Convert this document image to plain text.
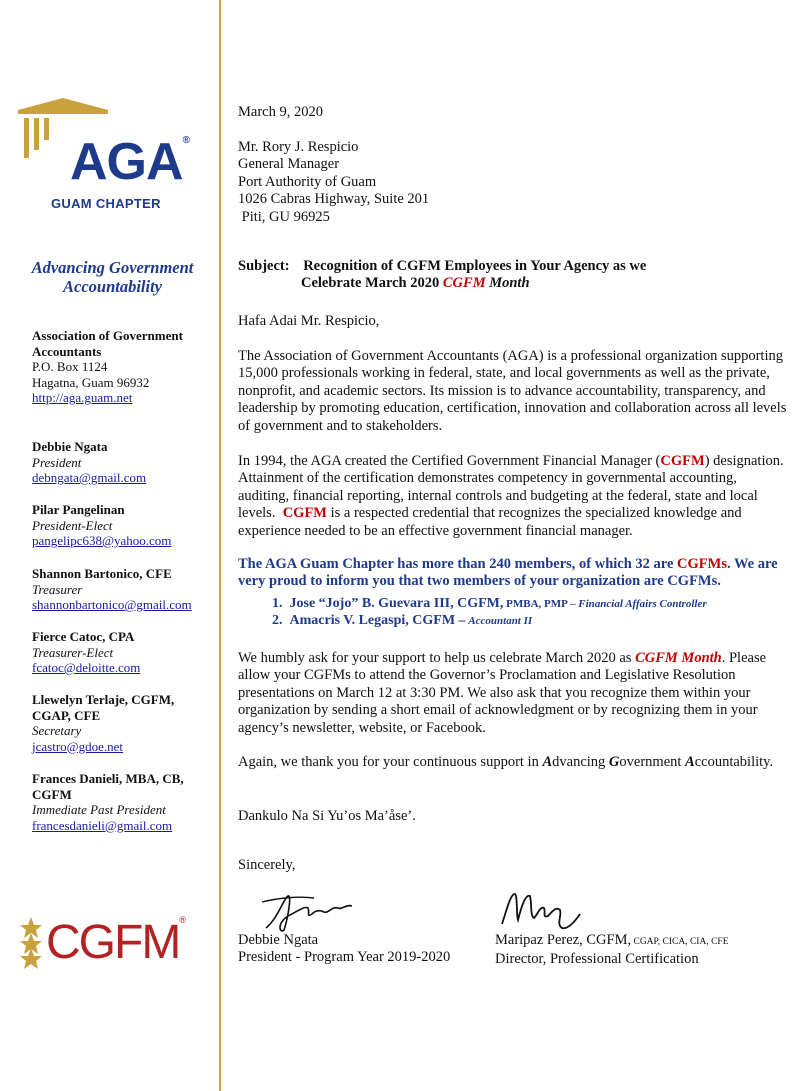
AGA®
GUAM CHAPTER
Advancing Government Accountability
Association of Government Accountants
P.O. Box 1124
Hagatna, Guam 96932
http://aga.guam.net
Debbie Ngata
President
debngata@gmail.com
Pilar Pangelinan
President-Elect
pangelipc638@yahoo.com
Shannon Bartonico, CFE
Treasurer
shannonbartonico@gmail.com
Fierce Catoc, CPA
Treasurer-Elect
fcatoc@deloitte.com
Llewelyn Terlaje, CGFM, CGAP, CFE
Secretary
jcastro@gdoe.net
Frances Danieli, MBA, CB, CGFM
Immediate Past President
francesdanieli@gmail.com
CGFM®
March 9, 2020
Mr. Rory J. Respicio
General Manager
Port Authority of Guam
1026 Cabras Highway, Suite 201
Piti, GU 96925
Subject: Recognition of CGFM Employees in Your Agency as we
Celebrate March 2020 CGFM Month
Hafa Adai Mr. Respicio,
The Association of Government Accountants (AGA) is a professional organization supporting 15,000 professionals working in federal, state, and local governments as well as the private, nonprofit, and academic sectors. Its mission is to advance accountability, transparency, and leadership by promoting education, certification, innovation and collaboration across all levels of government and to stakeholders.
In 1994, the AGA created the Certified Government Financial Manager (CGFM) designation.  Attainment of the certification demonstrates competency in governmental accounting, auditing, financial reporting, internal controls and budgeting at the federal, state and local levels.  CGFM is a respected credential that recognizes the specialized knowledge and experience needed to be an effective government financial manager.
The AGA Guam Chapter has more than 240 members, of which 32 are CGFMs. We are very proud to inform you that two members of your organization are CGFMs.
1. Jose “Jojo” B. Guevara III, CGFM, PMBA, PMP – Financial Affairs Controller
2. Amacris V. Legaspi, CGFM – Accountant II
We humbly ask for your support to help us celebrate March 2020 as CGFM Month. Please allow your CGFMs to attend the Governor’s Proclamation and Legislative Resolution presentations on March 12 at 3:30 PM. We also ask that you recognize them within your organization by sending a short email of acknowledgment or by recognizing them in your agency’s newsletter, website, or Facebook.
Again, we thank you for your continuous support in Advancing Government Accountability.
Dankulo Na Si Yu’os Ma’åse’.
Sincerely,
Debbie Ngata
President - Program Year 2019-2020
Maripaz Perez, CGFM, CGAP, CICA, CIA, CFE
Director, Professional Certification
